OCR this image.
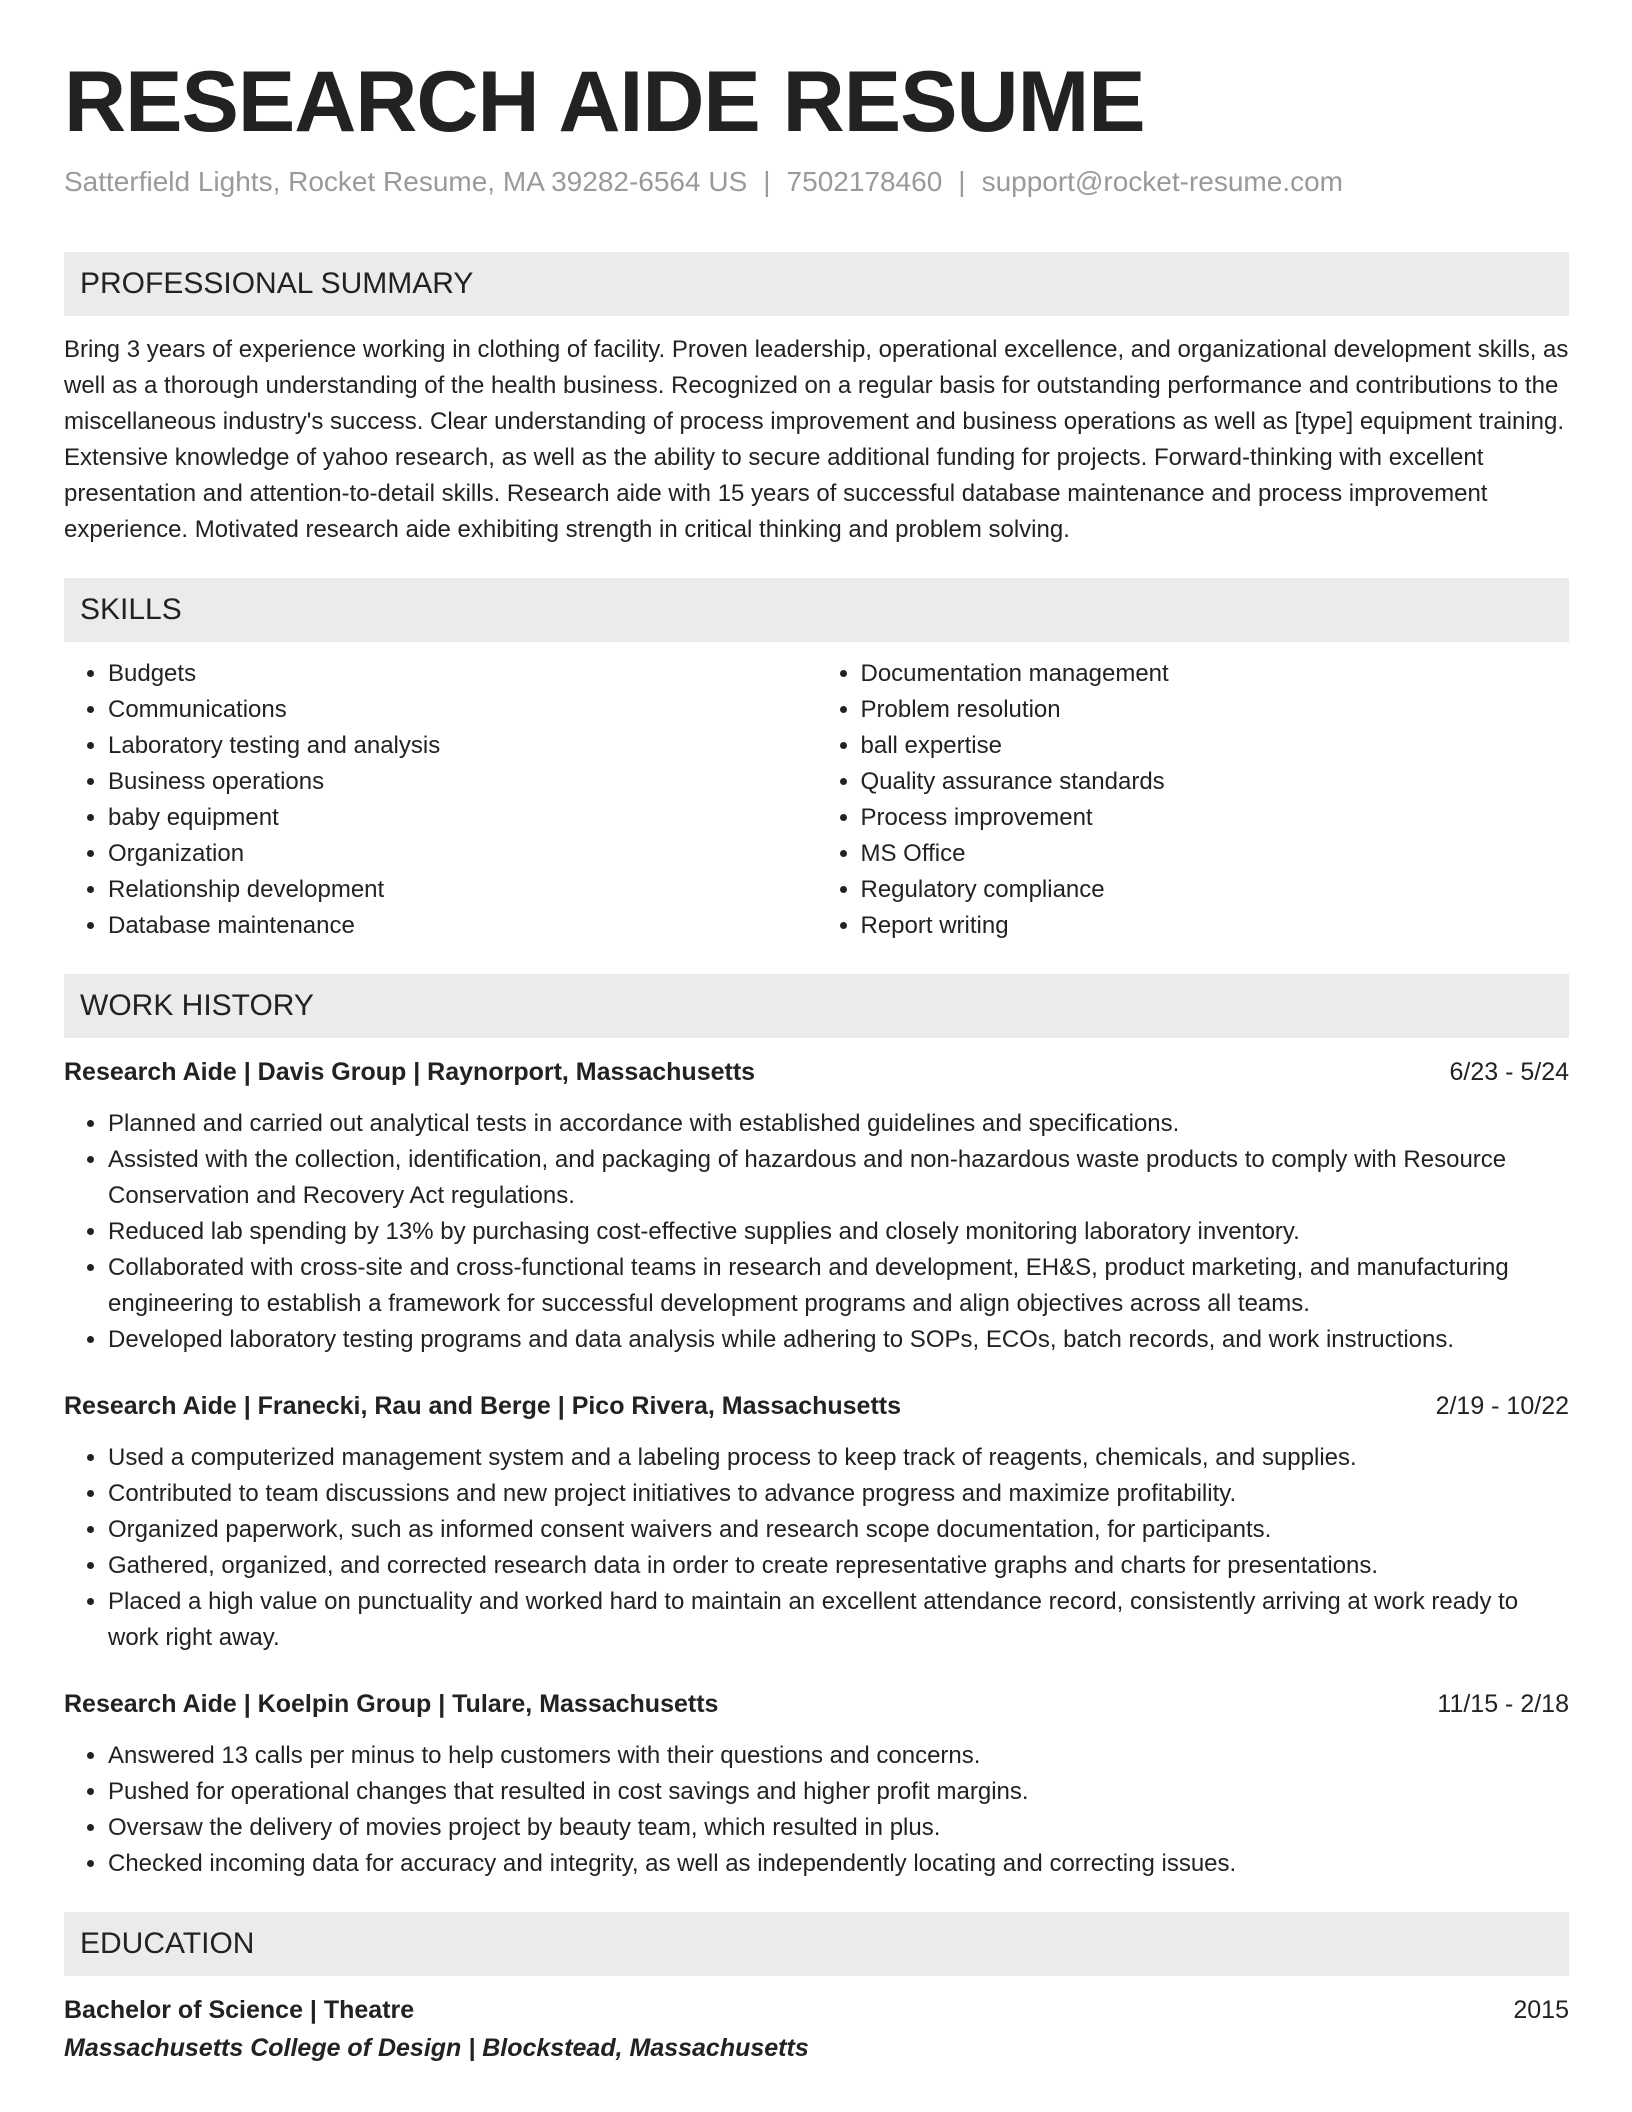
RESEARCH AIDE RESUME
Satterfield Lights, Rocket Resume, MA 39282-6564 US | 7502178460 | support@rocket-resume.com
PROFESSIONAL SUMMARY

Bring 3 years of experience working in clothing of facility. Proven leadership, operational excellence, and organizational development skills, as well as a thorough understanding of the health business. Recognized on a regular basis for outstanding performance and contributions to the miscellaneous industry's success. Clear understanding of process improvement and business operations as well as [type] equipment training. Extensive knowledge of yahoo research, as well as the ability to secure additional funding for projects. Forward-thinking with excellent presentation and attention-to-detail skills. Research aide with 15 years of successful database maintenance and process improvement experience. Motivated research aide exhibiting strength in critical thinking and problem solving.

SKILLS
• Budgets
• Communications
• Laboratory testing and analysis
• Business operations
• baby equipment
• Organization
• Relationship development
• Database maintenance
• Documentation management
• Problem resolution
• ball expertise
• Quality assurance standards
• Process improvement
• MS Office
• Regulatory compliance
• Report writing
WORK HISTORY
Research Aide | Davis Group | Raynorport, Massachusetts	6/23 - 5/24
• Planned and carried out analytical tests in accordance with established guidelines and specifications.
• Assisted with the collection, identification, and packaging of hazardous and non-hazardous waste products to comply with Resource Conservation and Recovery Act regulations.
• Reduced lab spending by 13% by purchasing cost-effective supplies and closely monitoring laboratory inventory.
• Collaborated with cross-site and cross-functional teams in research and development, EH&S, product marketing, and manufacturing engineering to establish a framework for successful development programs and align objectives across all teams.
• Developed laboratory testing programs and data analysis while adhering to SOPs, ECOs, batch records, and work instructions.
Research Aide | Franecki, Rau and Berge | Pico Rivera, Massachusetts	2/19 - 10/22
• Used a computerized management system and a labeling process to keep track of reagents, chemicals, and supplies.
• Contributed to team discussions and new project initiatives to advance progress and maximize profitability.
• Organized paperwork, such as informed consent waivers and research scope documentation, for participants.
• Gathered, organized, and corrected research data in order to create representative graphs and charts for presentations.
• Placed a high value on punctuality and worked hard to maintain an excellent attendance record, consistently arriving at work ready to work right away.
Research Aide | Koelpin Group | Tulare, Massachusetts	11/15 - 2/18
• Answered 13 calls per minus to help customers with their questions and concerns.
• Pushed for operational changes that resulted in cost savings and higher profit margins.
• Oversaw the delivery of movies project by beauty team, which resulted in plus.
• Checked incoming data for accuracy and integrity, as well as independently locating and correcting issues.
EDUCATION
Bachelor of Science | Theatre	2015
Massachusetts College of Design | Blockstead, Massachusetts
